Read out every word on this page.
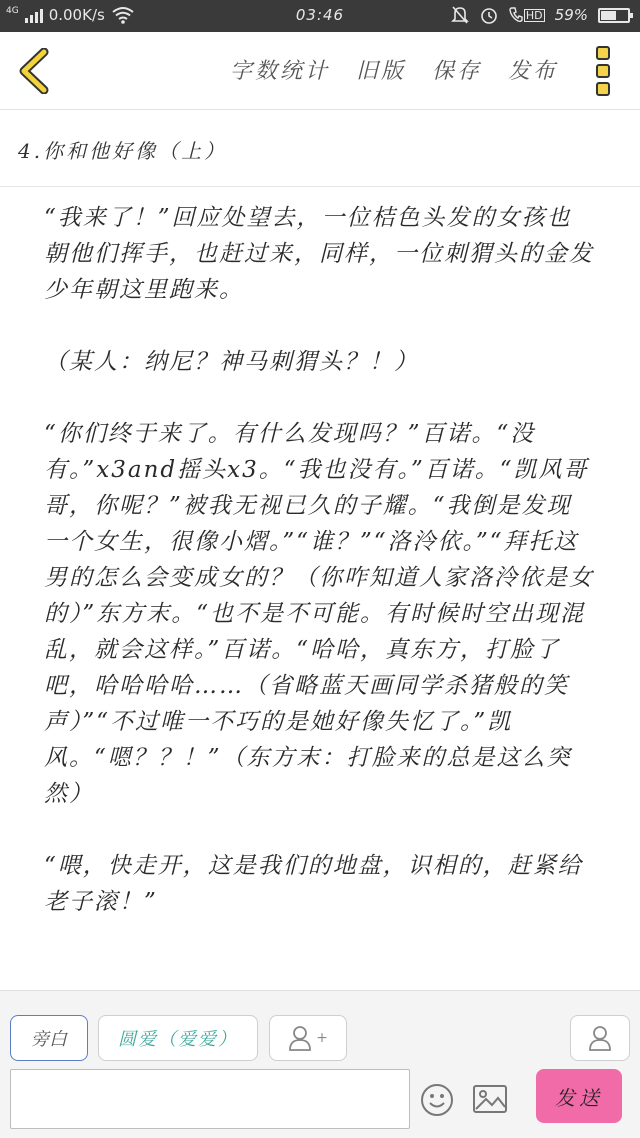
4G 0.00K/s	03:46	HD 59%
字数统计 旧版 保存 发布
4.你和他好像（上）

“我来了！”回应处望去，一位桔色头发的女孩也朝他们挥手，也赶过来，同样，一位刺猬头的金发少年朝这里跑来。

（某人：纳尼？神马刺猬头？！）

“你们终于来了。有什么发现吗？”百诺。“没有。”x3and摇头x3。“我也没有。”百诺。“凯风哥哥，你呢？”被我无视已久的子耀。“我倒是发现一个女生，很像小熠。”“谁？”“洛泠依。”“拜托这男的怎么会变成女的？（你咋知道人家洛泠依是女的）”东方末。“也不是不可能。有时候时空出现混乱，就会这样。”百诺。“哈哈，真东方，打脸了吧，哈哈哈哈……（省略蓝天画同学杀猪般的笑声）”“不过唯一不巧的是她好像失忆了。”凯风。“嗯？？！”（东方末：打脸来的总是这么突然）

“喂，快走开，这是我们的地盘，识相的，赶紧给老子滚！”

旁白	圆爱（爱爱）	+
发送
